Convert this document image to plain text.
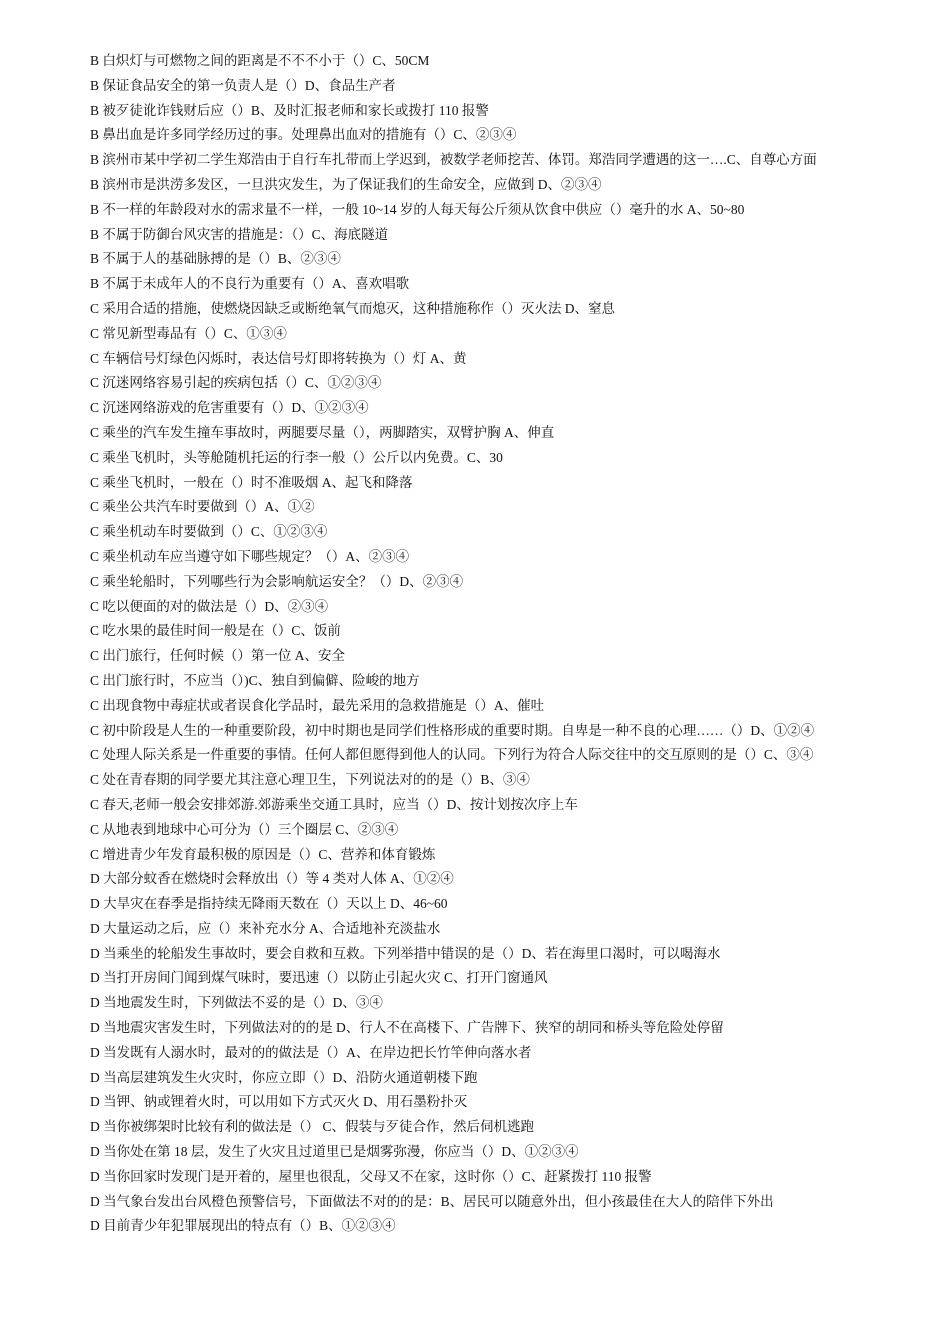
B 白炽灯与可燃物之间的距离是不不不小于（）C、50CM

B 保证食品安全的第一负责人是（）D、食品生产者

B 被歹徒讹诈钱财后应（）B、及时汇报老师和家长或拨打 110 报警

B 鼻出血是许多同学经历过的事。处理鼻出血对的措施有（）C、②③④

B 滨州市某中学初二学生郑浩由于自行车扎带而上学迟到，被数学老师挖苦、体罚。郑浩同学遭遇的这一….C、自尊心方面

B 滨州市是洪涝多发区，一旦洪灾发生，为了保证我们的生命安全，应做到 D、②③④

B 不一样的年龄段对水的需求量不一样，一般 10~14 岁的人每天每公斤须从饮食中供应（）毫升的水 A、50~80

B 不属于防御台风灾害的措施是：（）C、海底隧道

B 不属于人的基础脉搏的是（）B、②③④

B 不属于未成年人的不良行为重要有（）A、喜欢唱歌

C 采用合适的措施，使燃烧因缺乏或断绝氧气而熄灭，这种措施称作（）灭火法 D、窒息

C 常见新型毒品有（）C、①③④

C 车辆信号灯绿色闪烁时，表达信号灯即将转换为（）灯 A、黄

C 沉迷网络容易引起的疾病包括（）C、①②③④

C 沉迷网络游戏的危害重要有（）D、①②③④

C 乘坐的汽车发生撞车事故时，两腿要尽量（），两脚踏实，双臂护胸 A、伸直

C 乘坐飞机时，头等舱随机托运的行李一般（）公斤以内免费。C、30

C 乘坐飞机时，一般在（）时不准吸烟 A、起飞和降落

C 乘坐公共汽车时要做到（）A、①②

C 乘坐机动车时要做到（）C、①②③④

C 乘坐机动车应当遵守如下哪些规定？（）A、②③④

C 乘坐轮船时，下列哪些行为会影响航运安全？（）D、②③④

C 吃以便面的对的做法是（）D、②③④

C 吃水果的最佳时间一般是在（）C、饭前

C 出门旅行，任何时候（）第一位 A、安全

C 出门旅行时，不应当（）)C、独自到偏僻、险峻的地方

C 出现食物中毒症状或者误食化学品时，最先采用的急救措施是（）A、催吐

C 初中阶段是人生的一种重要阶段，初中时期也是同学们性格形成的重要时期。自卑是一种不良的心理……（）D、①②④

C 处理人际关系是一件重要的事情。任何人都但愿得到他人的认同。下列行为符合人际交往中的交互原则的是（）C、③④

C 处在青春期的同学要尤其注意心理卫生，下列说法对的的是（）B、③④

C 春天,老师一般会安排郊游.郊游乘坐交通工具时，应当（）D、按计划按次序上车

C 从地表到地球中心可分为（）三个圈层 C、②③④

C 增进青少年发育最积极的原因是（）C、营养和体育锻炼

D 大部分蚊香在燃烧时会释放出（）等 4 类对人体 A、①②④

D 大旱灾在春季是指持续无降雨天数在（）天以上 D、46~60

D 大量运动之后，应（）来补充水分 A、合适地补充淡盐水

D 当乘坐的轮船发生事故时，要会自救和互救。下列举措中错误的是（）D、若在海里口渴时，可以喝海水

D 当打开房间门闻到煤气味时，要迅速（）以防止引起火灾 C、打开门窗通风

D 当地震发生时，下列做法不妥的是（）D、③④

D 当地震灾害发生时，下列做法对的的是 D、行人不在高楼下、广告牌下、狭窄的胡同和桥头等危险处停留

D 当发既有人溺水时，最对的的做法是（）A、在岸边把长竹竿伸向落水者

D 当高层建筑发生火灾时，你应立即（）D、沿防火通道朝楼下跑

D 当钾、钠或锂着火时，可以用如下方式灭火 D、用石墨粉扑灭

D 当你被绑架时比较有利的做法是（） C、假装与歹徒合作，然后伺机逃跑

D 当你处在第 18 层，发生了火灾且过道里已是烟雾弥漫，你应当（）D、①②③④

D 当你回家时发现门是开着的，屋里也很乱，父母又不在家，这时你（）C、赶紧拨打 110 报警

D 当气象台发出台风橙色预警信号，下面做法不对的的是：B、居民可以随意外出，但小孩最佳在大人的陪伴下外出

D 目前青少年犯罪展现出的特点有（）B、①②③④
